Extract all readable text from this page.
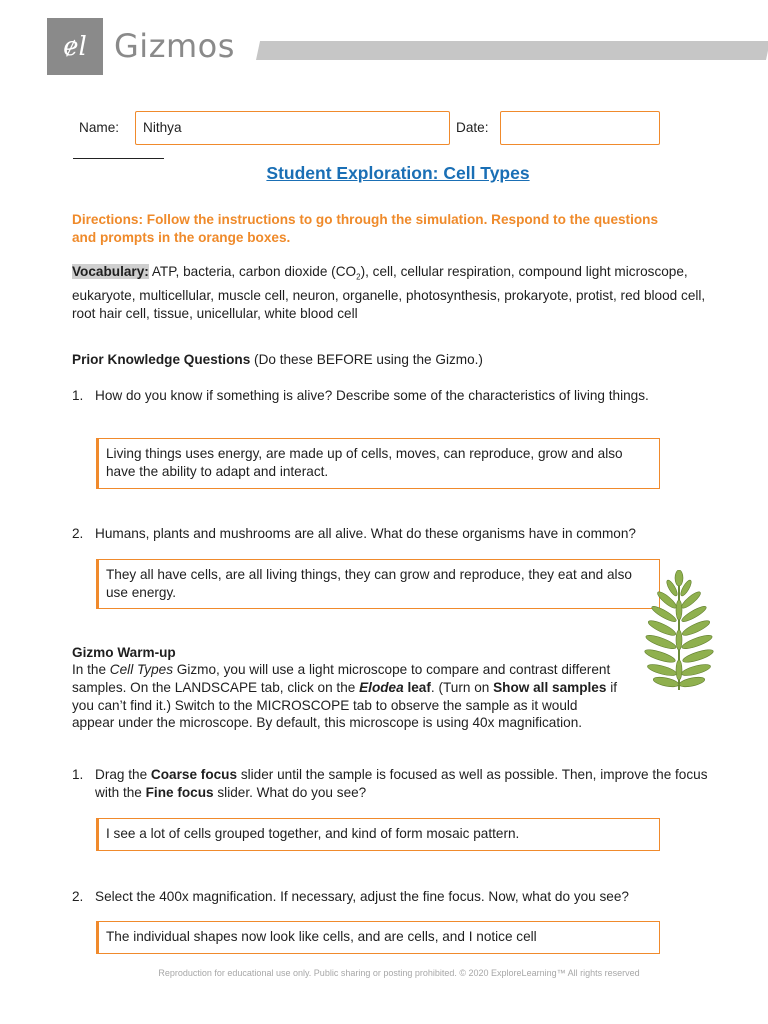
ɇl Gizmos
Name:	Nithya	Date:
Student Exploration: Cell Types
Directions: Follow the instructions to go through the simulation. Respond to the questions and prompts in the orange boxes.
Vocabulary: ATP, bacteria, carbon dioxide $(CO_2)$, cell, cellular respiration, compound light microscope, eukaryote, multicellular, muscle cell, neuron, organelle, photosynthesis, prokaryote, protist, red blood cell, root hair cell, tissue, unicellular, white blood cell
Prior Knowledge Questions (Do these BEFORE using the Gizmo.)
1. How do you know if something is alive? Describe some of the characteristics of living things.
Living things uses energy, are made up of cells, moves, can reproduce, grow and also have the ability to adapt and interact.
2. Humans, plants and mushrooms are all alive. What do these organisms have in common?
They all have cells, are all living things, they can grow and reproduce, they eat and also use energy.
Gizmo Warm-up
In the Cell Types Gizmo, you will use a light microscope to compare and contrast different samples. On the LANDSCAPE tab, click on the Elodea leaf. (Turn on Show all samples if you can’t find it.) Switch to the MICROSCOPE tab to observe the sample as it would appear under the microscope. By default, this microscope is using 40x magnification.
1. Drag the Coarse focus slider until the sample is focused as well as possible. Then, improve the focus with the Fine focus slider. What do you see?
I see a lot of cells grouped together, and kind of form mosaic pattern.
2. Select the 400x magnification. If necessary, adjust the fine focus. Now, what do you see?
The individual shapes now look like cells, and are cells, and I notice cell
Reproduction for educational use only. Public sharing or posting prohibited. © 2020 ExploreLearning™ All rights reserved
